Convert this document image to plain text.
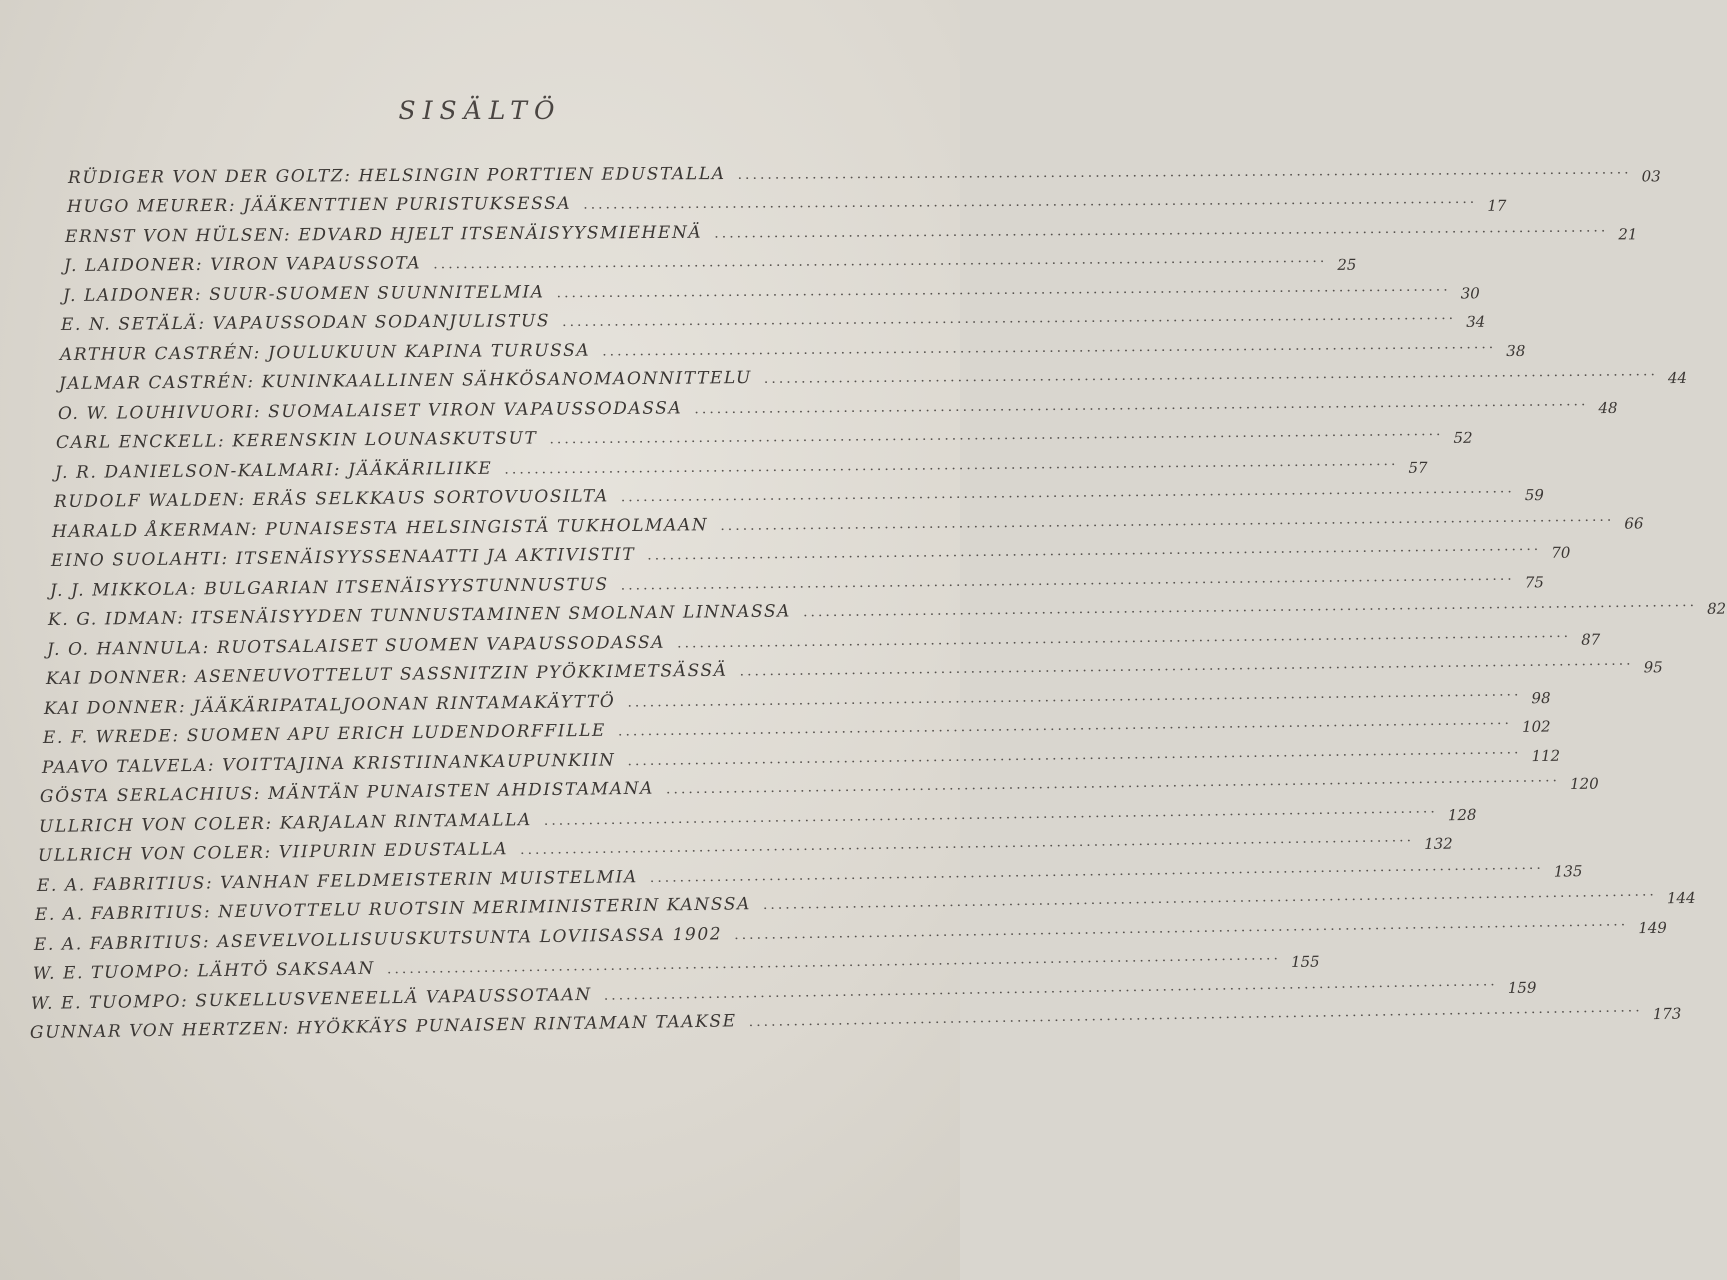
SISÄLTÖ
RÜDIGER VON DER GOLTZ: HELSINGIN PORTTIEN EDUSTALLA ........................................................................................................................ 03
HUGO MEURER: JÄÄKENTTIEN PURISTUKSESSA ........................................................................................................................ 17
ERNST VON HÜLSEN: EDVARD HJELT ITSENÄISYYSMIEHENÄ ........................................................................................................................ 21
J. LAIDONER: VIRON VAPAUSSOTA ........................................................................................................................ 25
J. LAIDONER: SUUR-SUOMEN SUUNNITELMIA ........................................................................................................................ 30
E. N. SETÄLÄ: VAPAUSSODAN SODANJULISTUS ........................................................................................................................ 34
ARTHUR CASTRÉN: JOULUKUUN KAPINA TURUSSA ........................................................................................................................ 38
JALMAR CASTRÉN: KUNINKAALLINEN SÄHKÖSANOMAONNITTELU ........................................................................................................................ 44
O. W. LOUHIVUORI: SUOMALAISET VIRON VAPAUSSODASSA ........................................................................................................................ 48
CARL ENCKELL: KERENSKIN LOUNASKUTSUT ........................................................................................................................ 52
J. R. DANIELSON-KALMARI: JÄÄKÄRILIIKE ........................................................................................................................ 57
RUDOLF WALDEN: ERÄS SELKKAUS SORTOVUOSILTA ........................................................................................................................ 59
HARALD ÅKERMAN: PUNAISESTA HELSINGISTÄ TUKHOLMAAN ........................................................................................................................ 66
EINO SUOLAHTI: ITSENÄISYYSSENAATTI JA AKTIVISTIT ........................................................................................................................ 70
J. J. MIKKOLA: BULGARIAN ITSENÄISYYSTUNNUSTUS ........................................................................................................................ 75
K. G. IDMAN: ITSENÄISYYDEN TUNNUSTAMINEN SMOLNAN LINNASSA ........................................................................................................................ 82
J. O. HANNULA: RUOTSALAISET SUOMEN VAPAUSSODASSA ........................................................................................................................ 87
KAI DONNER: ASENEUVOTTELUT SASSNITZIN PYÖKKIMETSÄSSÄ ........................................................................................................................ 95
KAI DONNER: JÄÄKÄRIPATALJOONAN RINTAMAKÄYTTÖ ........................................................................................................................ 98
E. F. WREDE: SUOMEN APU ERICH LUDENDORFFILLE ........................................................................................................................ 102
PAAVO TALVELA: VOITTAJINA KRISTIINANKAUPUNKIIN ........................................................................................................................ 112
GÖSTA SERLACHIUS: MÄNTÄN PUNAISTEN AHDISTAMANA ........................................................................................................................ 120
ULLRICH VON COLER: KARJALAN RINTAMALLA ........................................................................................................................ 128
ULLRICH VON COLER: VIIPURIN EDUSTALLA ........................................................................................................................ 132
E. A. FABRITIUS: VANHAN FELDMEISTERIN MUISTELMIA ........................................................................................................................ 135
E. A. FABRITIUS: NEUVOTTELU RUOTSIN MERIMINISTERIN KANSSA ........................................................................................................................ 144
E. A. FABRITIUS: ASEVELVOLLISUUSKUTSUNTA LOVIISASSA 1902 ........................................................................................................................ 149
W. E. TUOMPO: LÄHTÖ SAKSAAN ........................................................................................................................ 155
W. E. TUOMPO: SUKELLUSVENEELLÄ VAPAUSSOTAAN ........................................................................................................................ 159
GUNNAR VON HERTZEN: HYÖKKÄYS PUNAISEN RINTAMAN TAAKSE ........................................................................................................................ 173
